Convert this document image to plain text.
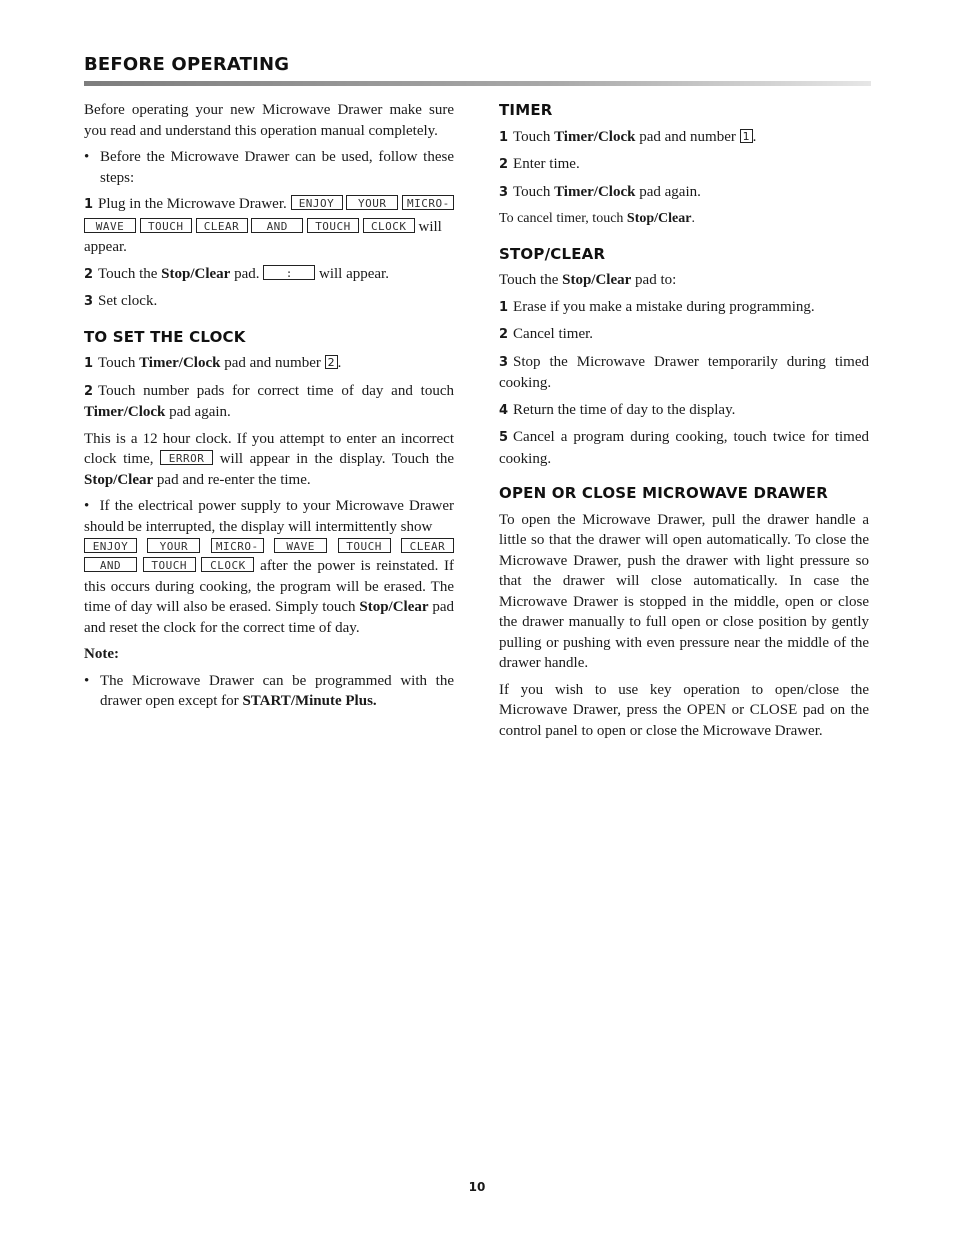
BEFORE OPERATING

Before operating your new Microwave Drawer make sure you read and understand this operation manual completely.

• Before the Microwave Drawer can be used, follow these steps:

1 Plug in the Microwave Drawer. ENJOY YOUR MICRO-
WAVE TOUCH CLEAR AND TOUCH CLOCK will appear.

2 Touch the Stop/Clear pad. : will appear.

3 Set clock.

TO SET THE CLOCK

1 Touch Timer/Clock pad and number 2 .

2 Touch number pads for correct time of day and touch Timer/Clock pad again.

This is a 12 hour clock. If you attempt to enter an incorrect clock time, ERROR will appear in the display. Touch the Stop/Clear pad and re-enter the time.

•  If the electrical power supply to your Microwave Drawer should be interrupted, the display will intermittently show
ENJOY	YOUR	MICRO-	WAVE	TOUCH	CLEAR
AND	TOUCH CLOCK after the power is reinstated. If this occurs during cooking, the program will be erased. The time of day will also be erased. Simply touch Stop/Clear pad and reset the clock for the correct time of day.

Note:

• The Microwave Drawer can be programmed with the drawer open except for START/Minute Plus.

TIMER

1 Touch Timer/Clock pad and number 1 .

2 Enter time.

3 Touch Timer/Clock pad again.

To cancel timer, touch Stop/Clear.

STOP/CLEAR

Touch the Stop/Clear pad to:

1 Erase if you make a mistake during programming.

2 Cancel timer.

3 Stop the Microwave Drawer temporarily during timed cooking.

4 Return the time of day to the display.

5 Cancel a program during cooking, touch twice for timed cooking.

OPEN OR CLOSE MICROWAVE DRAWER

To open the Microwave Drawer, pull the drawer handle a little so that the drawer will open automatically. To close the Microwave Drawer, push the drawer with light pressure so that the drawer will close automatically. In case the Microwave Drawer is stopped in the middle, open or close the drawer manually to full open or close position by gently pulling or pushing with even pressure near the middle of the drawer handle.

If you wish to use key operation to open/close the Microwave Drawer, press the OPEN or CLOSE pad on the control panel to open or close the Microwave Drawer.

10
